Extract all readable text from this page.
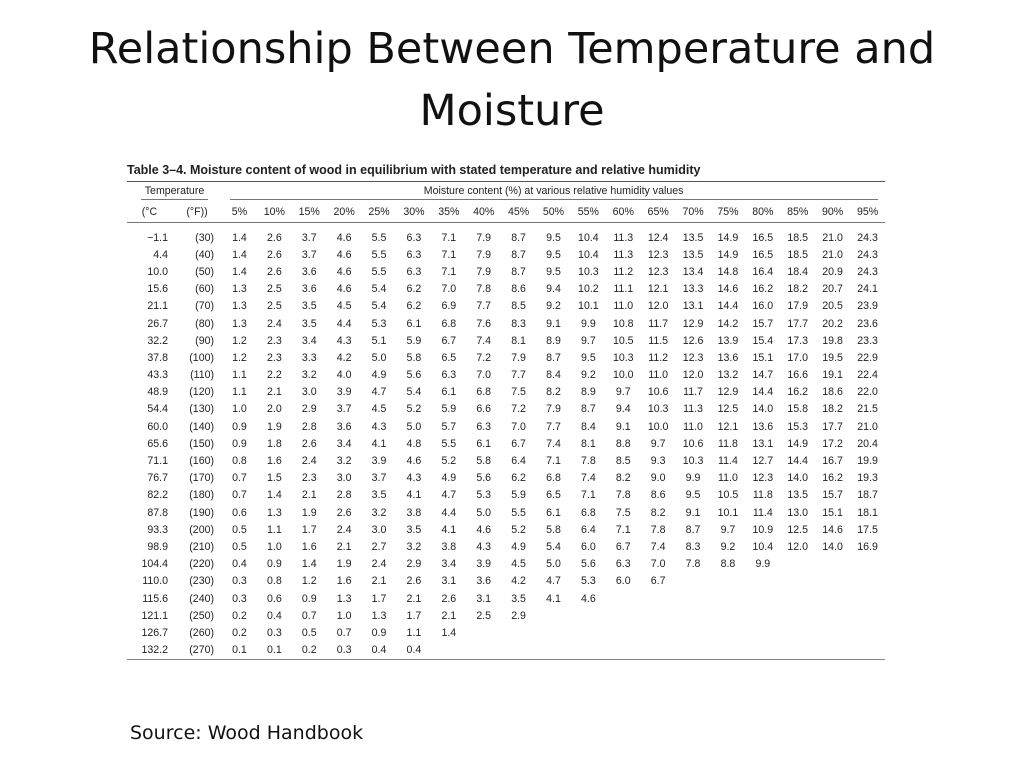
Relationship Between Temperature and Moisture
Table 3–4. Moisture content of wood in equilibrium with stated temperature and relative humidity
Temperature		Moisture content (%) at various relative humidity values																		
(°C	(°F))	5%	10%	15%	20%	25%	30%	35%	40%	45%	50%	55%	60%	65%	70%	75%	80%	85%	90%	95%

−1.1	(30)	1.4	2.6	3.7	4.6	5.5	6.3	7.1	7.9	8.7	9.5	10.4	11.3	12.4	13.5	14.9	16.5	18.5	21.0	24.3
4.4	(40)	1.4	2.6	3.7	4.6	5.5	6.3	7.1	7.9	8.7	9.5	10.4	11.3	12.3	13.5	14.9	16.5	18.5	21.0	24.3
10.0	(50)	1.4	2.6	3.6	4.6	5.5	6.3	7.1	7.9	8.7	9.5	10.3	11.2	12.3	13.4	14.8	16.4	18.4	20.9	24.3
15.6	(60)	1.3	2.5	3.6	4.6	5.4	6.2	7.0	7.8	8.6	9.4	10.2	11.1	12.1	13.3	14.6	16.2	18.2	20.7	24.1
21.1	(70)	1.3	2.5	3.5	4.5	5.4	6.2	6.9	7.7	8.5	9.2	10.1	11.0	12.0	13.1	14.4	16.0	17.9	20.5	23.9
26.7	(80)	1.3	2.4	3.5	4.4	5.3	6.1	6.8	7.6	8.3	9.1	9.9	10.8	11.7	12.9	14.2	15.7	17.7	20.2	23.6
32.2	(90)	1.2	2.3	3.4	4.3	5.1	5.9	6.7	7.4	8.1	8.9	9.7	10.5	11.5	12.6	13.9	15.4	17.3	19.8	23.3
37.8	(100)	1.2	2.3	3.3	4.2	5.0	5.8	6.5	7.2	7.9	8.7	9.5	10.3	11.2	12.3	13.6	15.1	17.0	19.5	22.9
43.3	(110)	1.1	2.2	3.2	4.0	4.9	5.6	6.3	7.0	7.7	8.4	9.2	10.0	11.0	12.0	13.2	14.7	16.6	19.1	22.4
48.9	(120)	1.1	2.1	3.0	3.9	4.7	5.4	6.1	6.8	7.5	8.2	8.9	9.7	10.6	11.7	12.9	14.4	16.2	18.6	22.0
54.4	(130)	1.0	2.0	2.9	3.7	4.5	5.2	5.9	6.6	7.2	7.9	8.7	9.4	10.3	11.3	12.5	14.0	15.8	18.2	21.5
60.0	(140)	0.9	1.9	2.8	3.6	4.3	5.0	5.7	6.3	7.0	7.7	8.4	9.1	10.0	11.0	12.1	13.6	15.3	17.7	21.0
65.6	(150)	0.9	1.8	2.6	3.4	4.1	4.8	5.5	6.1	6.7	7.4	8.1	8.8	9.7	10.6	11.8	13.1	14.9	17.2	20.4
71.1	(160)	0.8	1.6	2.4	3.2	3.9	4.6	5.2	5.8	6.4	7.1	7.8	8.5	9.3	10.3	11.4	12.7	14.4	16.7	19.9
76.7	(170)	0.7	1.5	2.3	3.0	3.7	4.3	4.9	5.6	6.2	6.8	7.4	8.2	9.0	9.9	11.0	12.3	14.0	16.2	19.3
82.2	(180)	0.7	1.4	2.1	2.8	3.5	4.1	4.7	5.3	5.9	6.5	7.1	7.8	8.6	9.5	10.5	11.8	13.5	15.7	18.7
87.8	(190)	0.6	1.3	1.9	2.6	3.2	3.8	4.4	5.0	5.5	6.1	6.8	7.5	8.2	9.1	10.1	11.4	13.0	15.1	18.1
93.3	(200)	0.5	1.1	1.7	2.4	3.0	3.5	4.1	4.6	5.2	5.8	6.4	7.1	7.8	8.7	9.7	10.9	12.5	14.6	17.5
98.9	(210)	0.5	1.0	1.6	2.1	2.7	3.2	3.8	4.3	4.9	5.4	6.0	6.7	7.4	8.3	9.2	10.4	12.0	14.0	16.9
104.4	(220)	0.4	0.9	1.4	1.9	2.4	2.9	3.4	3.9	4.5	5.0	5.6	6.3	7.0	7.8	8.8	9.9			
110.0	(230)	0.3	0.8	1.2	1.6	2.1	2.6	3.1	3.6	4.2	4.7	5.3	6.0	6.7						
115.6	(240)	0.3	0.6	0.9	1.3	1.7	2.1	2.6	3.1	3.5	4.1	4.6								
121.1	(250)	0.2	0.4	0.7	1.0	1.3	1.7	2.1	2.5	2.9										
126.7	(260)	0.2	0.3	0.5	0.7	0.9	1.1	1.4												
132.2	(270)	0.1	0.1	0.2	0.3	0.4	0.4													
Source: Wood Handbook
